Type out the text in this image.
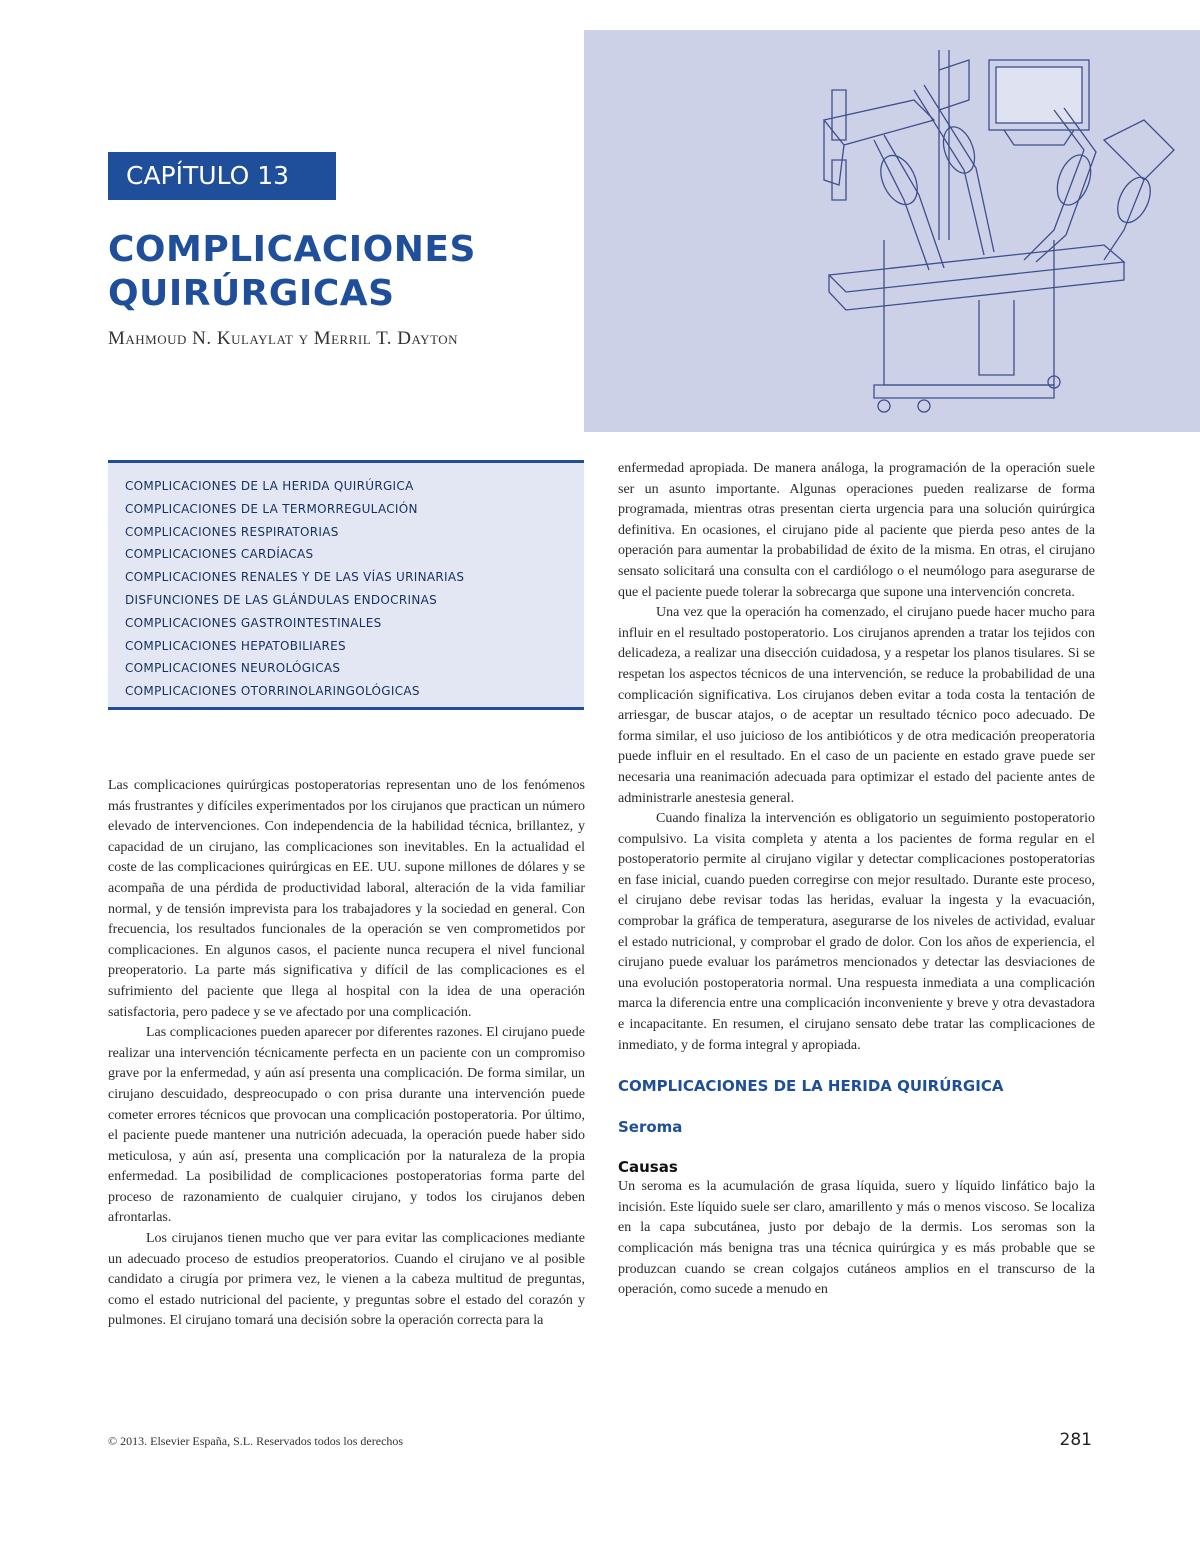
CAPÍTULO 13
COMPLICACIONES
QUIRÚRGICAS
Mahmoud N. Kulaylat y Merril T. Dayton
COMPLICACIONES DE LA HERIDA QUIRÚRGICA
COMPLICACIONES DE LA TERMORREGULACIÓN
COMPLICACIONES RESPIRATORIAS
COMPLICACIONES CARDÍACAS
COMPLICACIONES RENALES Y DE LAS VÍAS URINARIAS
DISFUNCIONES DE LAS GLÁNDULAS ENDOCRINAS
COMPLICACIONES GASTROINTESTINALES
COMPLICACIONES HEPATOBILIARES
COMPLICACIONES NEUROLÓGICAS
COMPLICACIONES OTORRINOLARINGOLÓGICAS

Las complicaciones quirúrgicas postoperatorias representan uno de los fenómenos más frustrantes y difíciles experimentados por los cirujanos que practican un número elevado de intervenciones. Con independencia de la habilidad técnica, brillantez, y capacidad de un cirujano, las complicaciones son inevitables. En la actualidad el coste de las complicaciones quirúrgicas en EE. UU. supone millones de dólares y se acompaña de una pérdida de productividad laboral, alteración de la vida familiar normal, y de tensión imprevista para los trabajadores y la sociedad en general. Con frecuencia, los resultados funcionales de la operación se ven comprometidos por complicaciones. En algunos casos, el paciente nunca recupera el nivel funcional preoperatorio. La parte más significativa y difícil de las complicaciones es el sufrimiento del paciente que llega al hospital con la idea de una operación satisfactoria, pero padece y se ve afectado por una complicación.

Las complicaciones pueden aparecer por diferentes razones. El cirujano puede realizar una intervención técnicamente perfecta en un paciente con un compromiso grave por la enfermedad, y aún así presenta una complicación. De forma similar, un cirujano descuidado, despreocupado o con prisa durante una intervención puede cometer errores técnicos que provocan una complicación postoperatoria. Por último, el paciente puede mantener una nutrición adecuada, la operación puede haber sido meticulosa, y aún así, presenta una complicación por la naturaleza de la propia enfermedad. La posibilidad de complicaciones postoperatorias forma parte del proceso de razonamiento de cualquier cirujano, y todos los cirujanos deben afrontarlas.

Los cirujanos tienen mucho que ver para evitar las complicaciones mediante un adecuado proceso de estudios preoperatorios. Cuando el cirujano ve al posible candidato a cirugía por primera vez, le vienen a la cabeza multitud de preguntas, como el estado nutricional del paciente, y preguntas sobre el estado del corazón y pulmones. El cirujano tomará una decisión sobre la operación correcta para la

enfermedad apropiada. De manera análoga, la programación de la operación suele ser un asunto importante. Algunas operaciones pueden realizarse de forma programada, mientras otras presentan cierta urgencia para una solución quirúrgica definitiva. En ocasiones, el cirujano pide al paciente que pierda peso antes de la operación para aumentar la probabilidad de éxito de la misma. En otras, el cirujano sensato solicitará una consulta con el cardiólogo o el neumólogo para asegurarse de que el paciente puede tolerar la sobrecarga que supone una intervención concreta.

Una vez que la operación ha comenzado, el cirujano puede hacer mucho para influir en el resultado postoperatorio. Los cirujanos aprenden a tratar los tejidos con delicadeza, a realizar una disección cuidadosa, y a respetar los planos tisulares. Si se respetan los aspectos técnicos de una intervención, se reduce la probabilidad de una complicación significativa. Los cirujanos deben evitar a toda costa la tentación de arriesgar, de buscar atajos, o de aceptar un resultado técnico poco adecuado. De forma similar, el uso juicioso de los antibióticos y de otra medicación preoperatoria puede influir en el resultado. En el caso de un paciente en estado grave puede ser necesaria una reanimación adecuada para optimizar el estado del paciente antes de administrarle anestesia general.

Cuando finaliza la intervención es obligatorio un seguimiento postoperatorio compulsivo. La visita completa y atenta a los pacientes de forma regular en el postoperatorio permite al cirujano vigilar y detectar complicaciones postoperatorias en fase inicial, cuando pueden corregirse con mejor resultado. Durante este proceso, el cirujano debe revisar todas las heridas, evaluar la ingesta y la evacuación, comprobar la gráfica de temperatura, asegurarse de los niveles de actividad, evaluar el estado nutricional, y comprobar el grado de dolor. Con los años de experiencia, el cirujano puede evaluar los parámetros mencionados y detectar las desviaciones de una evolución postoperatoria normal. Una respuesta inmediata a una complicación marca la diferencia entre una complicación inconveniente y breve y otra devastadora e incapacitante. En resumen, el cirujano sensato debe tratar las complicaciones de inmediato, y de forma integral y apropiada.

COMPLICACIONES DE LA HERIDA QUIRÚRGICA
Seroma
Causas

Un seroma es la acumulación de grasa líquida, suero y líquido linfático bajo la incisión. Este líquido suele ser claro, amarillento y más o menos viscoso. Se localiza en la capa subcutánea, justo por debajo de la dermis. Los seromas son la complicación más benigna tras una técnica quirúrgica y es más probable que se produzcan cuando se crean colgajos cutáneos amplios en el transcurso de la operación, como sucede a menudo en

© 2013. Elsevier España, S.L. Reservados todos los derechos	281
